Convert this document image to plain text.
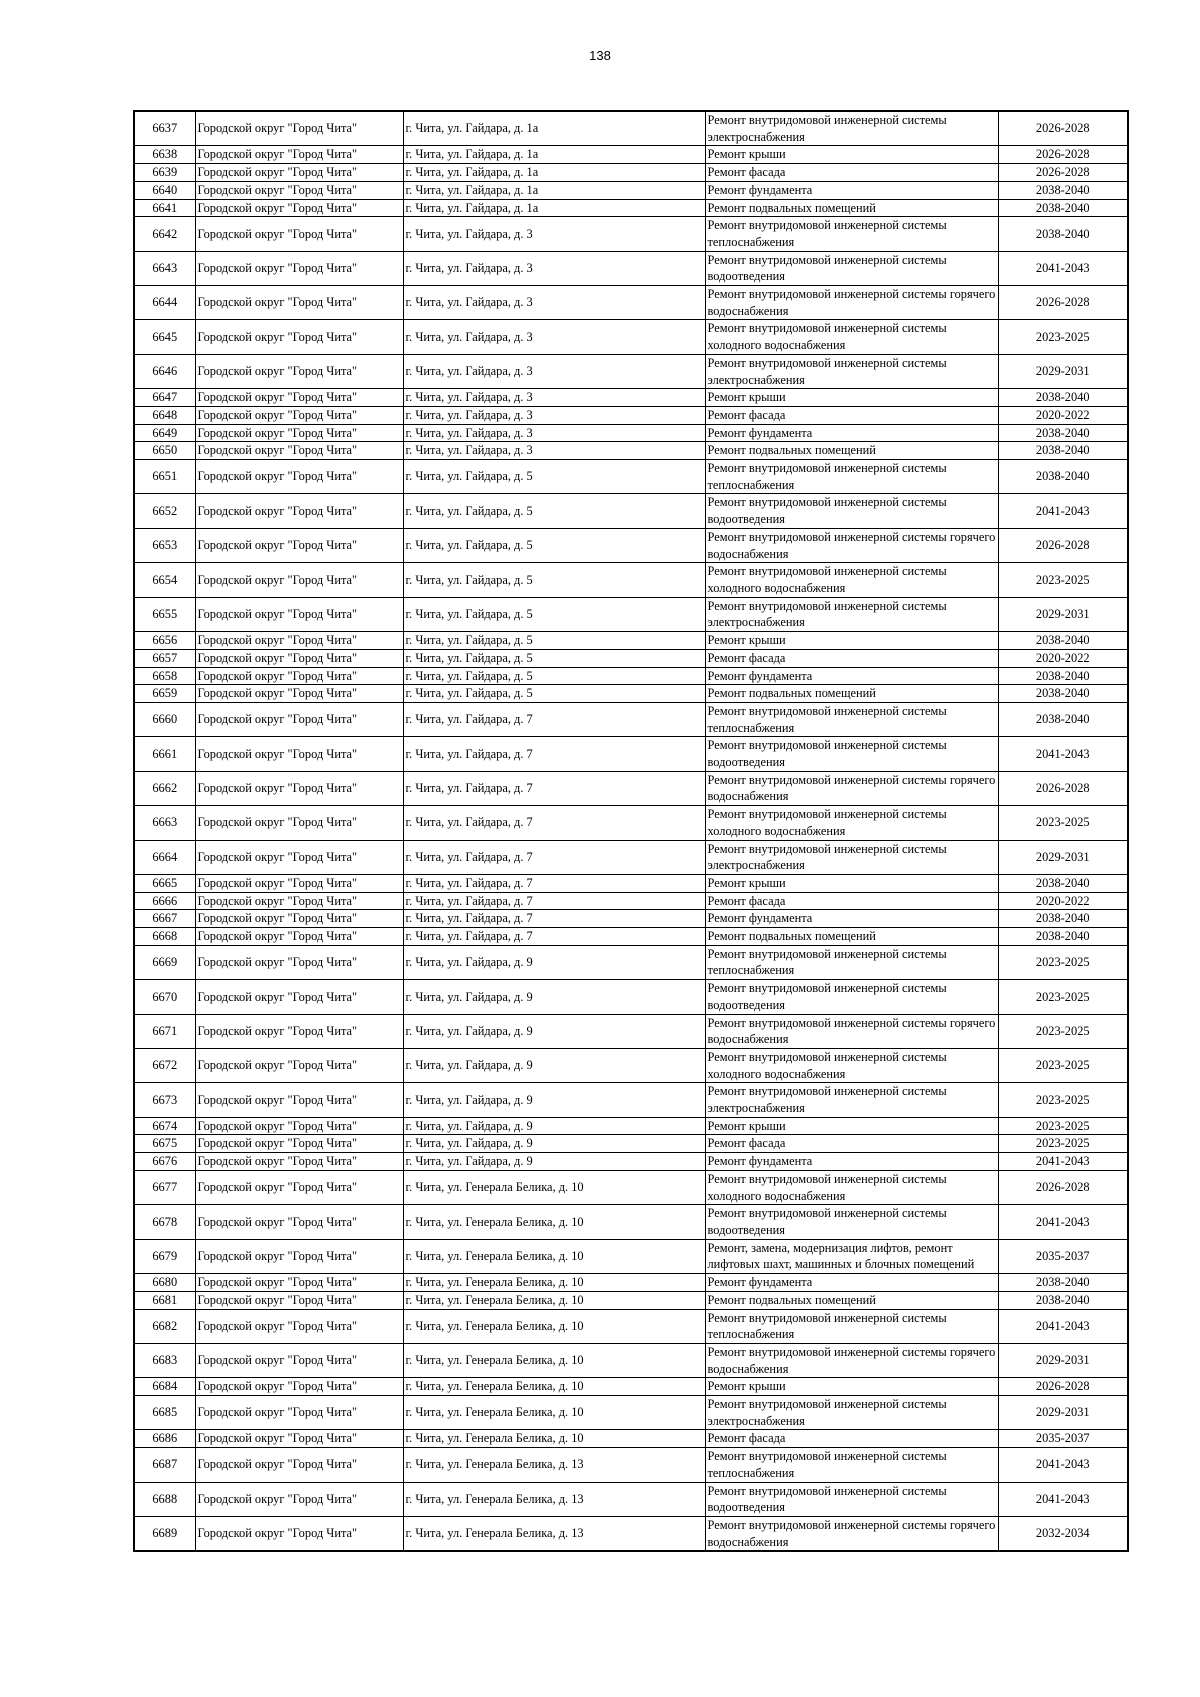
138
6637	Городской округ "Город Чита"	г. Чита, ул. Гайдара, д. 1а	Ремонт внутридомовой инженерной системы электроснабжения	2026-2028
6638	Городской округ "Город Чита"	г. Чита, ул. Гайдара, д. 1а	Ремонт крыши	2026-2028
6639	Городской округ "Город Чита"	г. Чита, ул. Гайдара, д. 1а	Ремонт фасада	2026-2028
6640	Городской округ "Город Чита"	г. Чита, ул. Гайдара, д. 1а	Ремонт фундамента	2038-2040
6641	Городской округ "Город Чита"	г. Чита, ул. Гайдара, д. 1а	Ремонт подвальных помещений	2038-2040
6642	Городской округ "Город Чита"	г. Чита, ул. Гайдара, д. 3	Ремонт внутридомовой инженерной системы теплоснабжения	2038-2040
6643	Городской округ "Город Чита"	г. Чита, ул. Гайдара, д. 3	Ремонт внутридомовой инженерной системы водоотведения	2041-2043
6644	Городской округ "Город Чита"	г. Чита, ул. Гайдара, д. 3	Ремонт внутридомовой инженерной системы горячего водоснабжения	2026-2028
6645	Городской округ "Город Чита"	г. Чита, ул. Гайдара, д. 3	Ремонт внутридомовой инженерной системы холодного водоснабжения	2023-2025
6646	Городской округ "Город Чита"	г. Чита, ул. Гайдара, д. 3	Ремонт внутридомовой инженерной системы электроснабжения	2029-2031
6647	Городской округ "Город Чита"	г. Чита, ул. Гайдара, д. 3	Ремонт крыши	2038-2040
6648	Городской округ "Город Чита"	г. Чита, ул. Гайдара, д. 3	Ремонт фасада	2020-2022
6649	Городской округ "Город Чита"	г. Чита, ул. Гайдара, д. 3	Ремонт фундамента	2038-2040
6650	Городской округ "Город Чита"	г. Чита, ул. Гайдара, д. 3	Ремонт подвальных помещений	2038-2040
6651	Городской округ "Город Чита"	г. Чита, ул. Гайдара, д. 5	Ремонт внутридомовой инженерной системы теплоснабжения	2038-2040
6652	Городской округ "Город Чита"	г. Чита, ул. Гайдара, д. 5	Ремонт внутридомовой инженерной системы водоотведения	2041-2043
6653	Городской округ "Город Чита"	г. Чита, ул. Гайдара, д. 5	Ремонт внутридомовой инженерной системы горячего водоснабжения	2026-2028
6654	Городской округ "Город Чита"	г. Чита, ул. Гайдара, д. 5	Ремонт внутридомовой инженерной системы холодного водоснабжения	2023-2025
6655	Городской округ "Город Чита"	г. Чита, ул. Гайдара, д. 5	Ремонт внутридомовой инженерной системы электроснабжения	2029-2031
6656	Городской округ "Город Чита"	г. Чита, ул. Гайдара, д. 5	Ремонт крыши	2038-2040
6657	Городской округ "Город Чита"	г. Чита, ул. Гайдара, д. 5	Ремонт фасада	2020-2022
6658	Городской округ "Город Чита"	г. Чита, ул. Гайдара, д. 5	Ремонт фундамента	2038-2040
6659	Городской округ "Город Чита"	г. Чита, ул. Гайдара, д. 5	Ремонт подвальных помещений	2038-2040
6660	Городской округ "Город Чита"	г. Чита, ул. Гайдара, д. 7	Ремонт внутридомовой инженерной системы теплоснабжения	2038-2040
6661	Городской округ "Город Чита"	г. Чита, ул. Гайдара, д. 7	Ремонт внутридомовой инженерной системы водоотведения	2041-2043
6662	Городской округ "Город Чита"	г. Чита, ул. Гайдара, д. 7	Ремонт внутридомовой инженерной системы горячего водоснабжения	2026-2028
6663	Городской округ "Город Чита"	г. Чита, ул. Гайдара, д. 7	Ремонт внутридомовой инженерной системы холодного водоснабжения	2023-2025
6664	Городской округ "Город Чита"	г. Чита, ул. Гайдара, д. 7	Ремонт внутридомовой инженерной системы электроснабжения	2029-2031
6665	Городской округ "Город Чита"	г. Чита, ул. Гайдара, д. 7	Ремонт крыши	2038-2040
6666	Городской округ "Город Чита"	г. Чита, ул. Гайдара, д. 7	Ремонт фасада	2020-2022
6667	Городской округ "Город Чита"	г. Чита, ул. Гайдара, д. 7	Ремонт фундамента	2038-2040
6668	Городской округ "Город Чита"	г. Чита, ул. Гайдара, д. 7	Ремонт подвальных помещений	2038-2040
6669	Городской округ "Город Чита"	г. Чита, ул. Гайдара, д. 9	Ремонт внутридомовой инженерной системы теплоснабжения	2023-2025
6670	Городской округ "Город Чита"	г. Чита, ул. Гайдара, д. 9	Ремонт внутридомовой инженерной системы водоотведения	2023-2025
6671	Городской округ "Город Чита"	г. Чита, ул. Гайдара, д. 9	Ремонт внутридомовой инженерной системы горячего водоснабжения	2023-2025
6672	Городской округ "Город Чита"	г. Чита, ул. Гайдара, д. 9	Ремонт внутридомовой инженерной системы холодного водоснабжения	2023-2025
6673	Городской округ "Город Чита"	г. Чита, ул. Гайдара, д. 9	Ремонт внутридомовой инженерной системы электроснабжения	2023-2025
6674	Городской округ "Город Чита"	г. Чита, ул. Гайдара, д. 9	Ремонт крыши	2023-2025
6675	Городской округ "Город Чита"	г. Чита, ул. Гайдара, д. 9	Ремонт фасада	2023-2025
6676	Городской округ "Город Чита"	г. Чита, ул. Гайдара, д. 9	Ремонт фундамента	2041-2043
6677	Городской округ "Город Чита"	г. Чита, ул. Генерала Белика, д. 10	Ремонт внутридомовой инженерной системы холодного водоснабжения	2026-2028
6678	Городской округ "Город Чита"	г. Чита, ул. Генерала Белика, д. 10	Ремонт внутридомовой инженерной системы водоотведения	2041-2043
6679	Городской округ "Город Чита"	г. Чита, ул. Генерала Белика, д. 10	Ремонт, замена, модернизация лифтов, ремонт лифтовых шахт, машинных и блочных помещений	2035-2037
6680	Городской округ "Город Чита"	г. Чита, ул. Генерала Белика, д. 10	Ремонт фундамента	2038-2040
6681	Городской округ "Город Чита"	г. Чита, ул. Генерала Белика, д. 10	Ремонт подвальных помещений	2038-2040
6682	Городской округ "Город Чита"	г. Чита, ул. Генерала Белика, д. 10	Ремонт внутридомовой инженерной системы теплоснабжения	2041-2043
6683	Городской округ "Город Чита"	г. Чита, ул. Генерала Белика, д. 10	Ремонт внутридомовой инженерной системы горячего водоснабжения	2029-2031
6684	Городской округ "Город Чита"	г. Чита, ул. Генерала Белика, д. 10	Ремонт крыши	2026-2028
6685	Городской округ "Город Чита"	г. Чита, ул. Генерала Белика, д. 10	Ремонт внутридомовой инженерной системы электроснабжения	2029-2031
6686	Городской округ "Город Чита"	г. Чита, ул. Генерала Белика, д. 10	Ремонт фасада	2035-2037
6687	Городской округ "Город Чита"	г. Чита, ул. Генерала Белика, д. 13	Ремонт внутридомовой инженерной системы теплоснабжения	2041-2043
6688	Городской округ "Город Чита"	г. Чита, ул. Генерала Белика, д. 13	Ремонт внутридомовой инженерной системы водоотведения	2041-2043
6689	Городской округ "Город Чита"	г. Чита, ул. Генерала Белика, д. 13	Ремонт внутридомовой инженерной системы горячего водоснабжения	2032-2034
